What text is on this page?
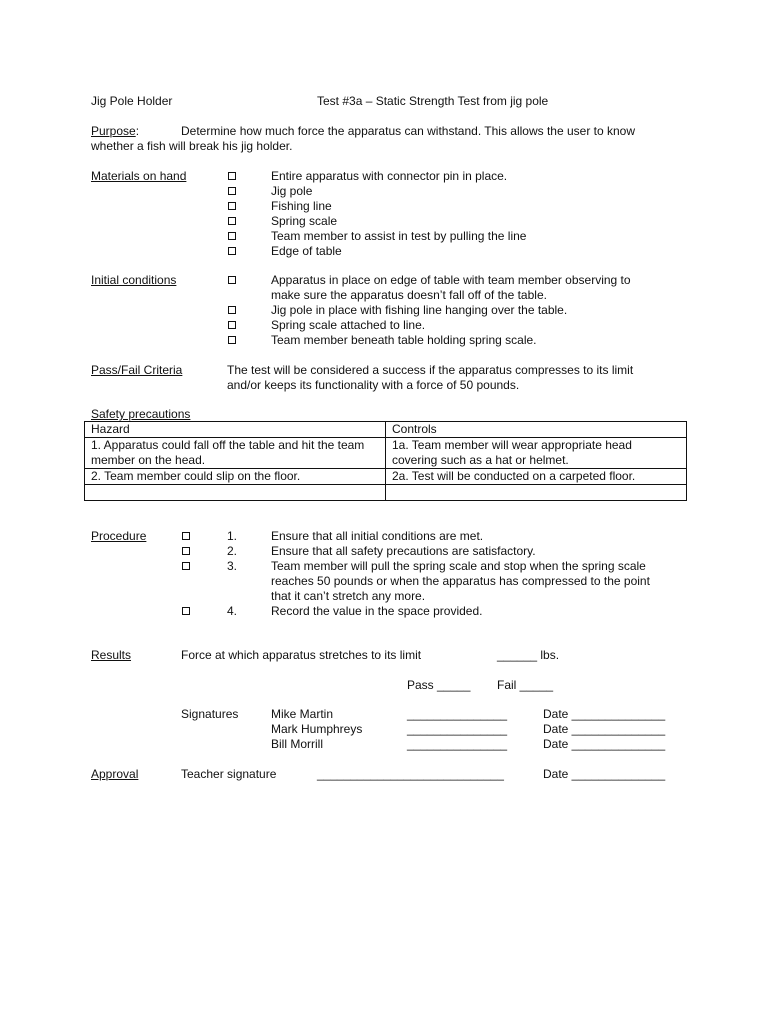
Jig Pole Holder	Test #3a – Static Strength Test from jig pole
Purpose:	Determine how much force the apparatus can withstand. This allows the user to know
whether a fish will break his jig holder.
Materials on hand	Entire apparatus with connector pin in place.
Jig pole
Fishing line
Spring scale
Team member to assist in test by pulling the line
Edge of table
Initial conditions	Apparatus in place on edge of table with team member observing to
make sure the apparatus doesn’t fall off of the table.
Jig pole in place with fishing line hanging over the table.
Spring scale attached to line.
Team member beneath table holding spring scale.
Pass/Fail Criteria	The test will be considered a success if the apparatus compresses to its limit
and/or keeps its functionality with a force of 50 pounds.
Safety precautions
Hazard	Controls
1. Apparatus could fall off the table and hit the team member on the head.	1a. Team member will wear appropriate head covering such as a hat or helmet.
2. Team member could slip on the floor.	2a. Test will be conducted on a carpeted floor.

Procedure	1.	Ensure that all initial conditions are met.
2.	Ensure that all safety precautions are satisfactory.
3.	Team member will pull the spring scale and stop when the spring scale
reaches 50 pounds or when the apparatus has compressed to the point
that it can’t stretch any more.
4.	Record the value in the space provided.
Results	Force at which apparatus stretches to its limit	______ lbs.
Pass _____ Fail _____
Signatures	Mike Martin	_______________	Date ______________
Mark Humphreys	_______________	Date ______________
Bill Morrill	_______________	Date ______________
Approval	Teacher signature	____________________________	Date ______________
